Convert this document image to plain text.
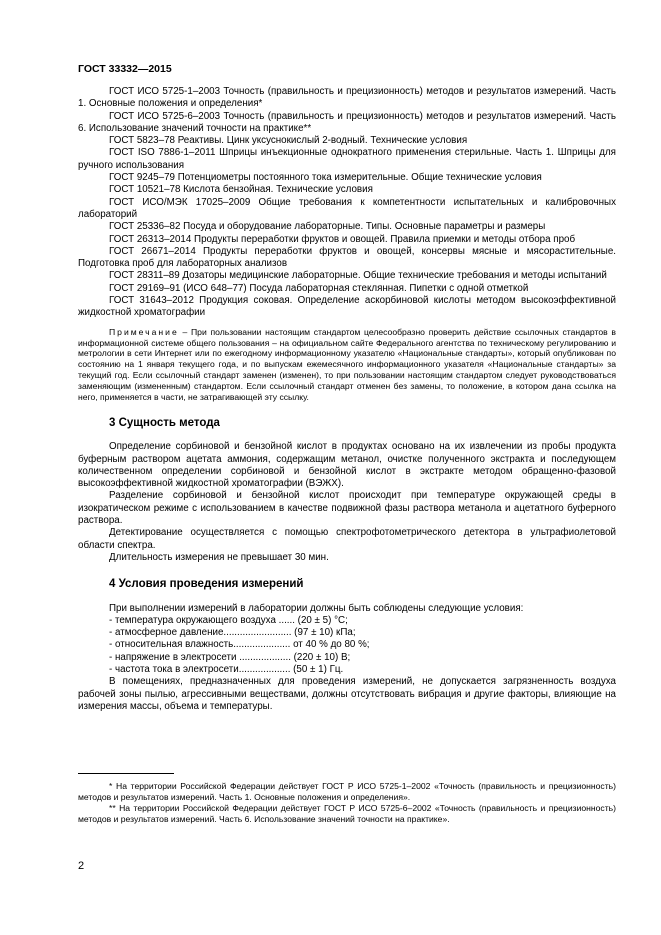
ГОСТ 33332—2015

ГОСТ ИСО 5725-1–2003 Точность (правильность и прецизионность) методов и результатов измерений. Часть 1. Основные положения и определения*

ГОСТ ИСО 5725-6–2003 Точность (правильность и прецизионность) методов и результатов измерений. Часть 6. Использование значений точности на практике**

ГОСТ 5823–78 Реактивы. Цинк уксуснокислый 2-водный. Технические условия

ГОСТ ISO 7886-1–2011 Шприцы инъекционные однократного применения стерильные. Часть 1. Шприцы для ручного использования

ГОСТ 9245–79 Потенциометры постоянного тока измерительные. Общие технические условия

ГОСТ 10521–78 Кислота бензойная. Технические условия

ГОСТ ИСО/МЭК 17025–2009 Общие требования к компетентности испытательных и калибровочных лабораторий

ГОСТ 25336–82 Посуда и оборудование лабораторные. Типы. Основные параметры и размеры

ГОСТ 26313–2014 Продукты переработки фруктов и овощей. Правила приемки и методы отбора проб

ГОСТ 26671–2014 Продукты переработки фруктов и овощей, консервы мясные и мясорастительные. Подготовка проб для лабораторных анализов

ГОСТ 28311–89 Дозаторы медицинские лабораторные. Общие технические требования и методы испытаний

ГОСТ 29169–91 (ИСО 648–77) Посуда лабораторная стеклянная. Пипетки с одной отметкой

ГОСТ 31643–2012 Продукция соковая. Определение аскорбиновой кислоты методом высокоэффективной жидкостной хроматографии

Примечание – При пользовании настоящим стандартом целесообразно проверить действие ссылочных стандартов в информационной системе общего пользования – на официальном сайте Федерального агентства по техническому регулированию и метрологии в сети Интернет или по ежегодному информационному указателю «Национальные стандарты», который опубликован по состоянию на 1 января текущего года, и по выпускам ежемесячного информационного указателя «Национальные стандарты» за текущий год. Если ссылочный стандарт заменен (изменен), то при пользовании настоящим стандартом следует руководствоваться заменяющим (измененным) стандартом. Если ссылочный стандарт отменен без замены, то положение, в котором дана ссылка на него, применяется в части, не затрагивающей эту ссылку.

3 Сущность метода

Определение сорбиновой и бензойной кислот в продуктах основано на их извлечении из пробы продукта буферным раствором ацетата аммония, содержащим метанол, очистке полученного экстракта и последующем количественном определении сорбиновой и бензойной кислот в экстракте методом обращенно-фазовой высокоэффективной жидкостной хроматографии (ВЭЖХ).

Разделение сорбиновой и бензойной кислот происходит при температуре окружающей среды в изократическом режиме с использованием в качестве подвижной фазы раствора метанола и ацетатного буферного раствора.

Детектирование осуществляется с помощью спектрофотометрического детектора в ультрафиолетовой области спектра.

Длительность измерения не превышает 30 мин.

4 Условия проведения измерений

При выполнении измерений в лаборатории должны быть соблюдены следующие условия:

- температура окружающего воздуха ...... (20 ± 5) °С;

- атмосферное давление......................... (97 ± 10) кПа;

- относительная влажность..................... от 40 % до 80 %;

- напряжение в электросети ................... (220 ± 10) В;

- частота тока в электросети................... (50 ± 1) Гц.

В помещениях, предназначенных для проведения измерений, не допускается загрязненность воздуха рабочей зоны пылью, агрессивными веществами, должны отсутствовать вибрация и другие факторы, влияющие на измерения массы, объема и температуры.

* На территории Российской Федерации действует ГОСТ Р ИСО 5725-1–2002 «Точность (правильность и прецизионность) методов и результатов измерений. Часть 1. Основные положения и определения».

** На территории Российской Федерации действует ГОСТ Р ИСО 5725-6–2002 «Точность (правильность и прецизионность) методов и результатов измерений. Часть 6. Использование значений точности на практике».

2
